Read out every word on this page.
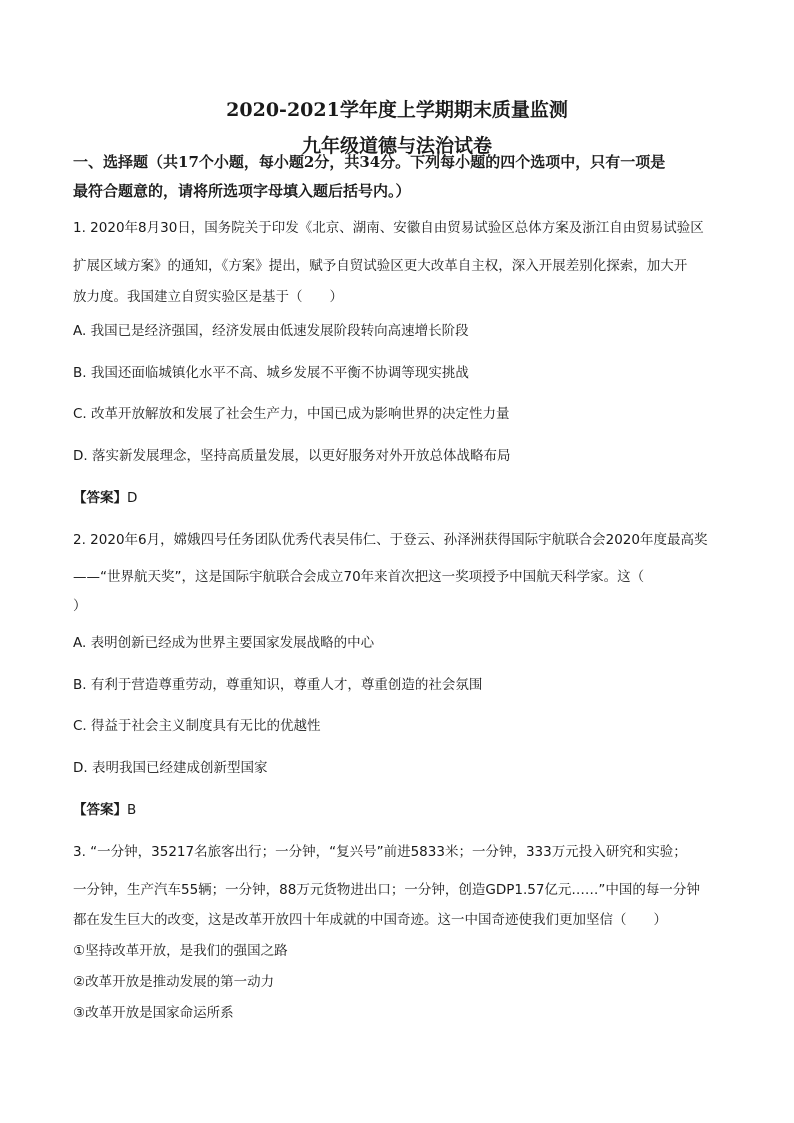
2020-2021学年度上学期期末质量监测
九年级道德与法治试卷
一、选择题（共17个小题，每小题2分，共34分。下列每小题的四个选项中，只有一项是
最符合题意的，请将所选项字母填入题后括号内。）
1. 2020年8月30日，国务院关于印发《北京、湖南、安徽自由贸易试验区总体方案及浙江自由贸易试验区
扩展区域方案》的通知，《方案》提出，赋予自贸试验区更大改革自主权，深入开展差别化探索，加大开
放力度。我国建立自贸实验区是基于（　　）
A. 我国已是经济强国，经济发展由低速发展阶段转向高速增长阶段
B. 我国还面临城镇化水平不高、城乡发展不平衡不协调等现实挑战
C. 改革开放解放和发展了社会生产力，中国已成为影响世界的决定性力量
D. 落实新发展理念，坚持高质量发展，以更好服务对外开放总体战略布局
【答案】D
2. 2020年6月，嫦娥四号任务团队优秀代表吴伟仁、于登云、孙泽洲获得国际宇航联合会2020年度最高奖
——“世界航天奖”，这是国际宇航联合会成立70年来首次把这一奖项授予中国航天科学家。这（
）
A. 表明创新已经成为世界主要国家发展战略的中心
B. 有利于营造尊重劳动，尊重知识，尊重人才，尊重创造的社会氛围
C. 得益于社会主义制度具有无比的优越性
D. 表明我国已经建成创新型国家
【答案】B
3. “一分钟，35217名旅客出行；一分钟，“复兴号”前进5833米；一分钟，333万元投入研究和实验；
一分钟，生产汽车55辆；一分钟，88万元货物进出口；一分钟，创造GDP1.57亿元……”中国的每一分钟
都在发生巨大的改变，这是改革开放四十年成就的中国奇迹。这一中国奇迹使我们更加坚信（　　）
①坚持改革开放，是我们的强国之路
②改革开放是推动发展的第一动力
③改革开放是国家命运所系
